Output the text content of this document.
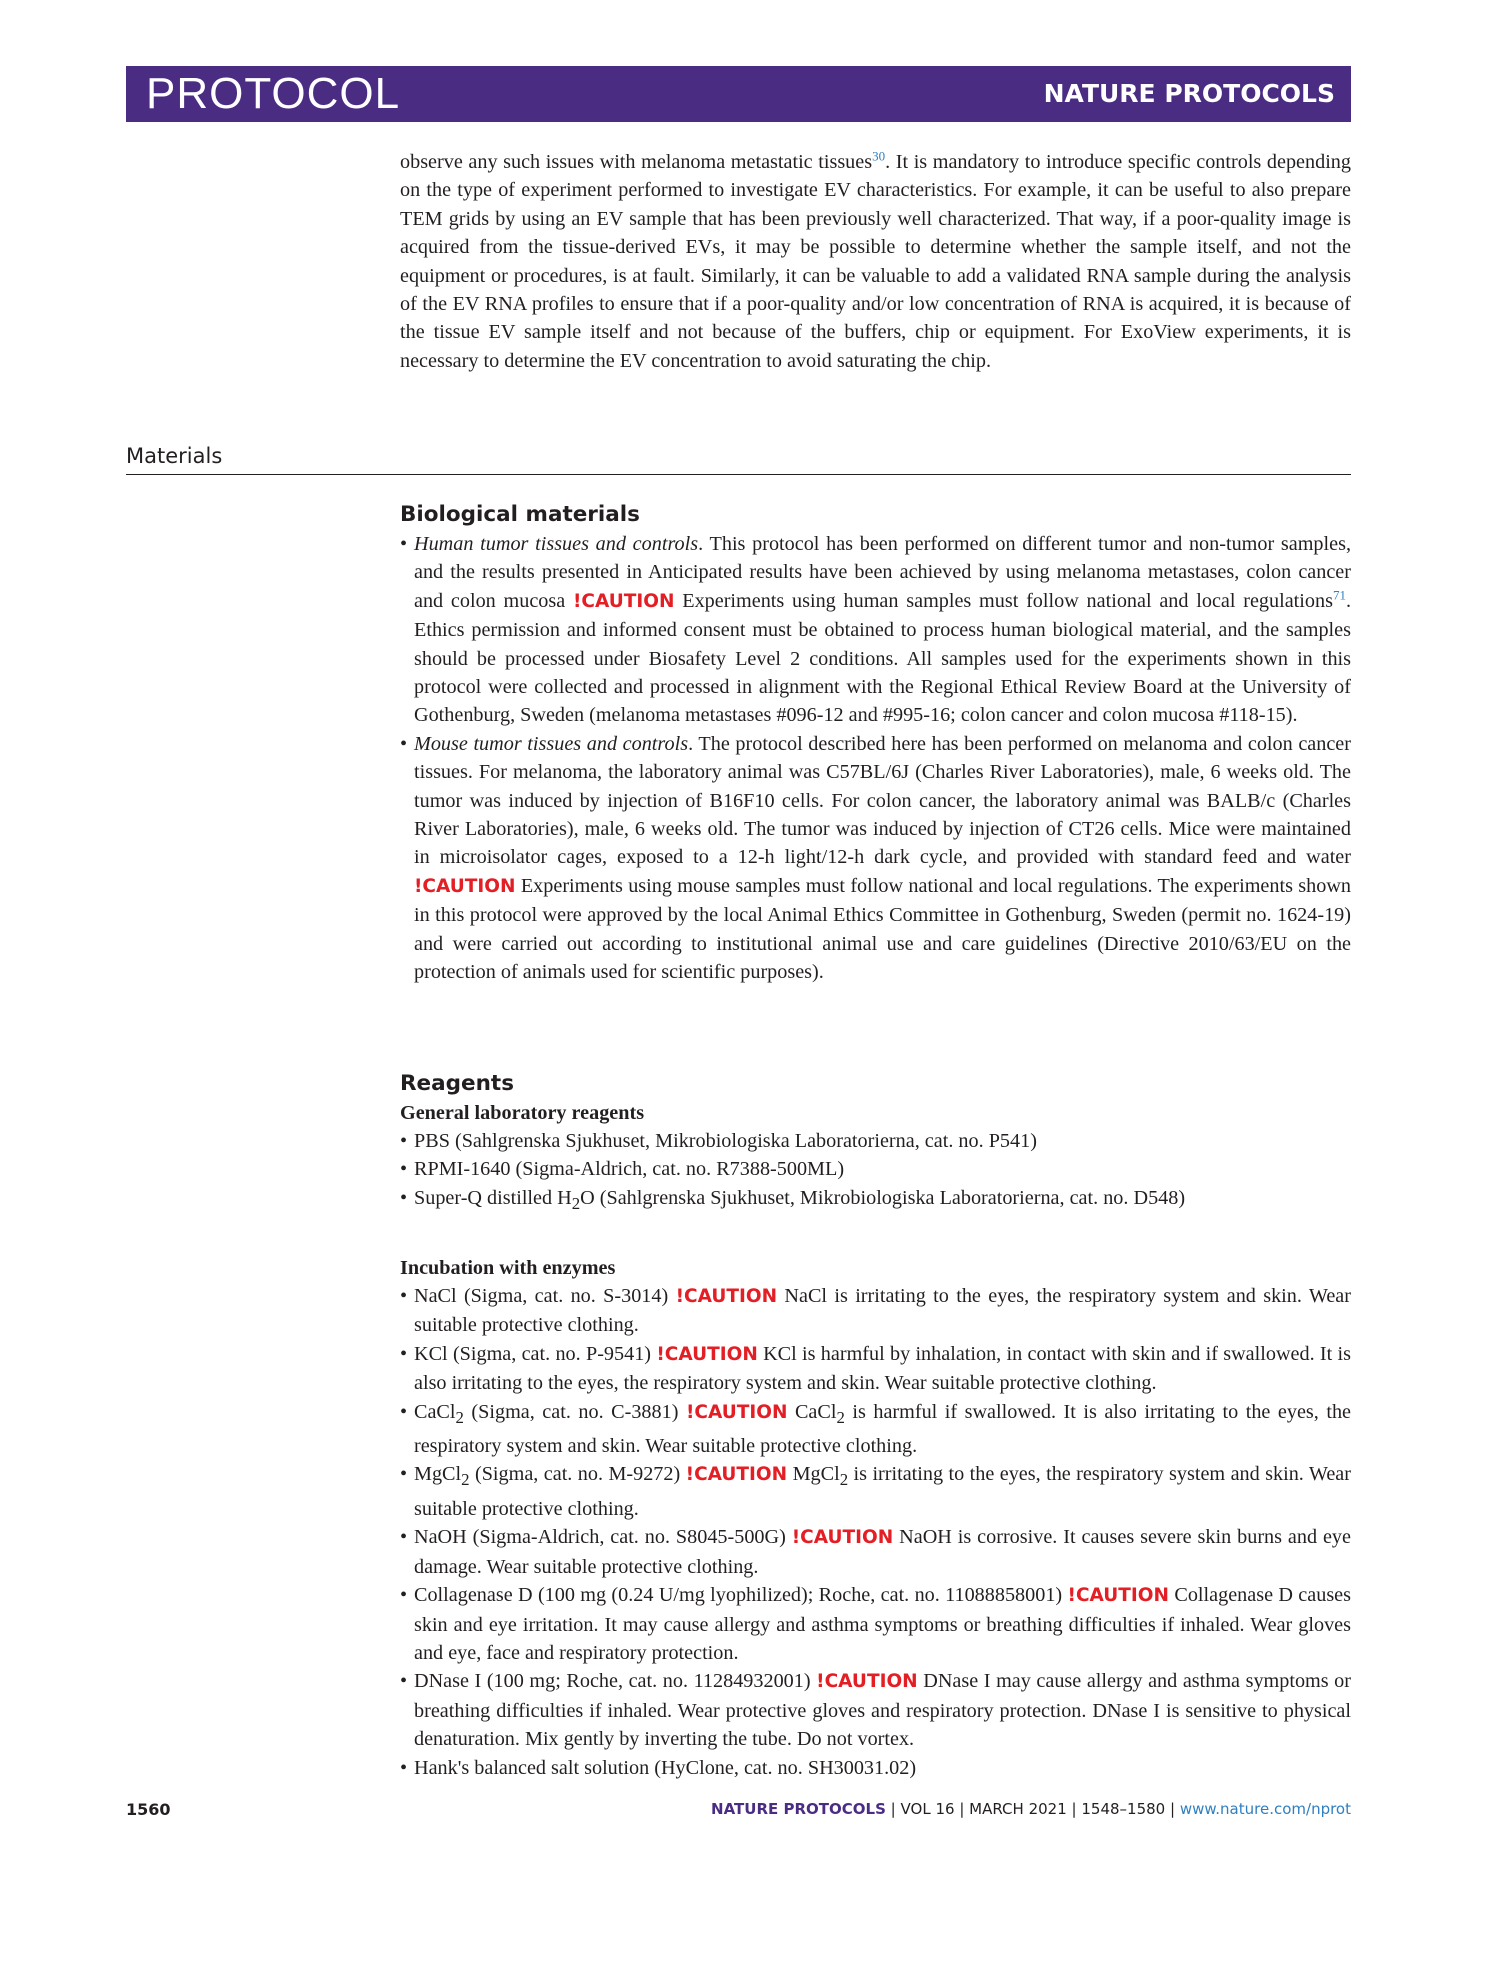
PROTOCOL	NATURE PROTOCOLS

observe any such issues with melanoma metastatic tissues$^{30}$. It is mandatory to introduce specific controls depending on the type of experiment performed to investigate EV characteristics. For example, it can be useful to also prepare TEM grids by using an EV sample that has been previously well characterized. That way, if a poor-quality image is acquired from the tissue-derived EVs, it may be possible to determine whether the sample itself, and not the equipment or procedures, is at fault. Similarly, it can be valuable to add a validated RNA sample during the analysis of the EV RNA profiles to ensure that if a poor-quality and/or low concentration of RNA is acquired, it is because of the tissue EV sample itself and not because of the buffers, chip or equipment. For ExoView experiments, it is necessary to determine the EV concentration to avoid saturating the chip.

Materials
Biological materials
• Human tumor tissues and controls. This protocol has been performed on different tumor and non-tumor samples, and the results presented in Anticipated results have been achieved by using melanoma metastases, colon cancer and colon mucosa !CAUTION Experiments using human samples must follow national and local regulations$^{71}$. Ethics permission and informed consent must be obtained to process human biological material, and the samples should be processed under Biosafety Level 2 conditions. All samples used for the experiments shown in this protocol were collected and processed in alignment with the Regional Ethical Review Board at the University of Gothenburg, Sweden (melanoma metastases #096-12 and #995-16; colon cancer and colon mucosa #118-15).
• Mouse tumor tissues and controls. The protocol described here has been performed on melanoma and colon cancer tissues. For melanoma, the laboratory animal was C57BL/6J (Charles River Laboratories), male, 6 weeks old. The tumor was induced by injection of B16F10 cells. For colon cancer, the laboratory animal was BALB/c (Charles River Laboratories), male, 6 weeks old. The tumor was induced by injection of CT26 cells. Mice were maintained in microisolator cages, exposed to a 12-h light/12-h dark cycle, and provided with standard feed and water !CAUTION Experiments using mouse samples must follow national and local regulations. The experiments shown in this protocol were approved by the local Animal Ethics Committee in Gothenburg, Sweden (permit no. 1624-19) and were carried out according to institutional animal use and care guidelines (Directive 2010/63/EU on the protection of animals used for scientific purposes).
Reagents
General laboratory reagents
• PBS (Sahlgrenska Sjukhuset, Mikrobiologiska Laboratorierna, cat. no. P541)
• RPMI-1640 (Sigma-Aldrich, cat. no. R7388-500ML)
• Super-Q distilled $H_2O$ (Sahlgrenska Sjukhuset, Mikrobiologiska Laboratorierna, cat. no. D548)
Incubation with enzymes
• NaCl (Sigma, cat. no. S-3014) !CAUTION NaCl is irritating to the eyes, the respiratory system and skin. Wear suitable protective clothing.
• KCl (Sigma, cat. no. P-9541) !CAUTION KCl is harmful by inhalation, in contact with skin and if swallowed. It is also irritating to the eyes, the respiratory system and skin. Wear suitable protective clothing.
• CaCl$_2$ (Sigma, cat. no. C-3881) !CAUTION CaCl$_2$ is harmful if swallowed. It is also irritating to the eyes, the respiratory system and skin. Wear suitable protective clothing.
• MgCl$_2$ (Sigma, cat. no. M-9272) !CAUTION MgCl$_2$ is irritating to the eyes, the respiratory system and skin. Wear suitable protective clothing.
• NaOH (Sigma-Aldrich, cat. no. S8045-500G) !CAUTION NaOH is corrosive. It causes severe skin burns and eye damage. Wear suitable protective clothing.
• Collagenase D (100 mg (0.24 U/mg lyophilized); Roche, cat. no. 11088858001) !CAUTION Collagenase D causes skin and eye irritation. It may cause allergy and asthma symptoms or breathing difficulties if inhaled. Wear gloves and eye, face and respiratory protection.
• DNase I (100 mg; Roche, cat. no. 11284932001) !CAUTION DNase I may cause allergy and asthma symptoms or breathing difficulties if inhaled. Wear protective gloves and respiratory protection. DNase I is sensitive to physical denaturation. Mix gently by inverting the tube. Do not vortex.
• Hank's balanced salt solution (HyClone, cat. no. SH30031.02)
1560	NATURE PROTOCOLS | VOL 16 | MARCH 2021 | 1548–1580 | www.nature.com/nprot
